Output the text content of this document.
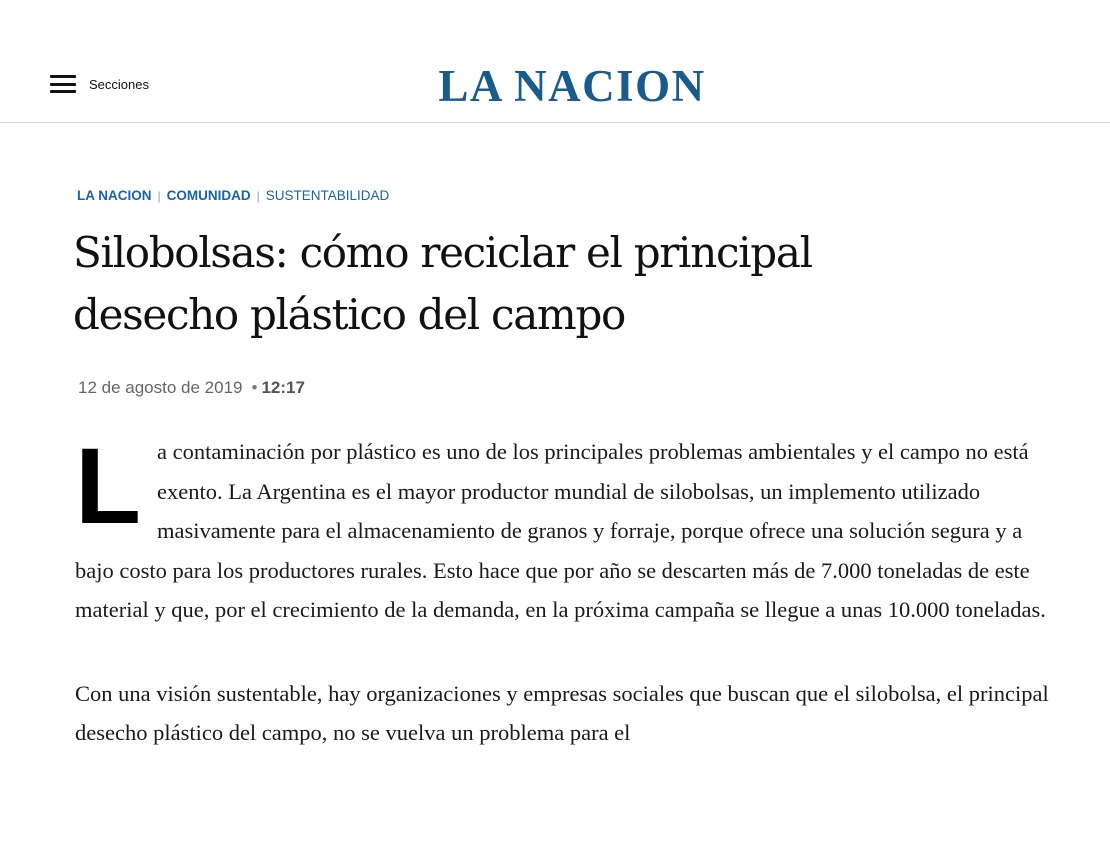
Secciones	LA NACION
LA NACION | COMUNIDAD | SUSTENTABILIDAD
Silobolsas: cómo reciclar el principal desecho plástico del campo
12 de agosto de 2019 • 12:17

La contaminación por plástico es uno de los principales problemas ambientales y el campo no está exento. La Argentina es el mayor productor mundial de silobolsas, un implemento utilizado masivamente para el almacenamiento de granos y forraje, porque ofrece una solución segura y a bajo costo para los productores rurales. Esto hace que por año se descarten más de 7.000 toneladas de este material y que, por el crecimiento de la demanda, en la próxima campaña se llegue a unas 10.000 toneladas.

Con una visión sustentable, hay organizaciones y empresas sociales que buscan que el silobolsa, el principal desecho plástico del campo, no se vuelva un problema para el
